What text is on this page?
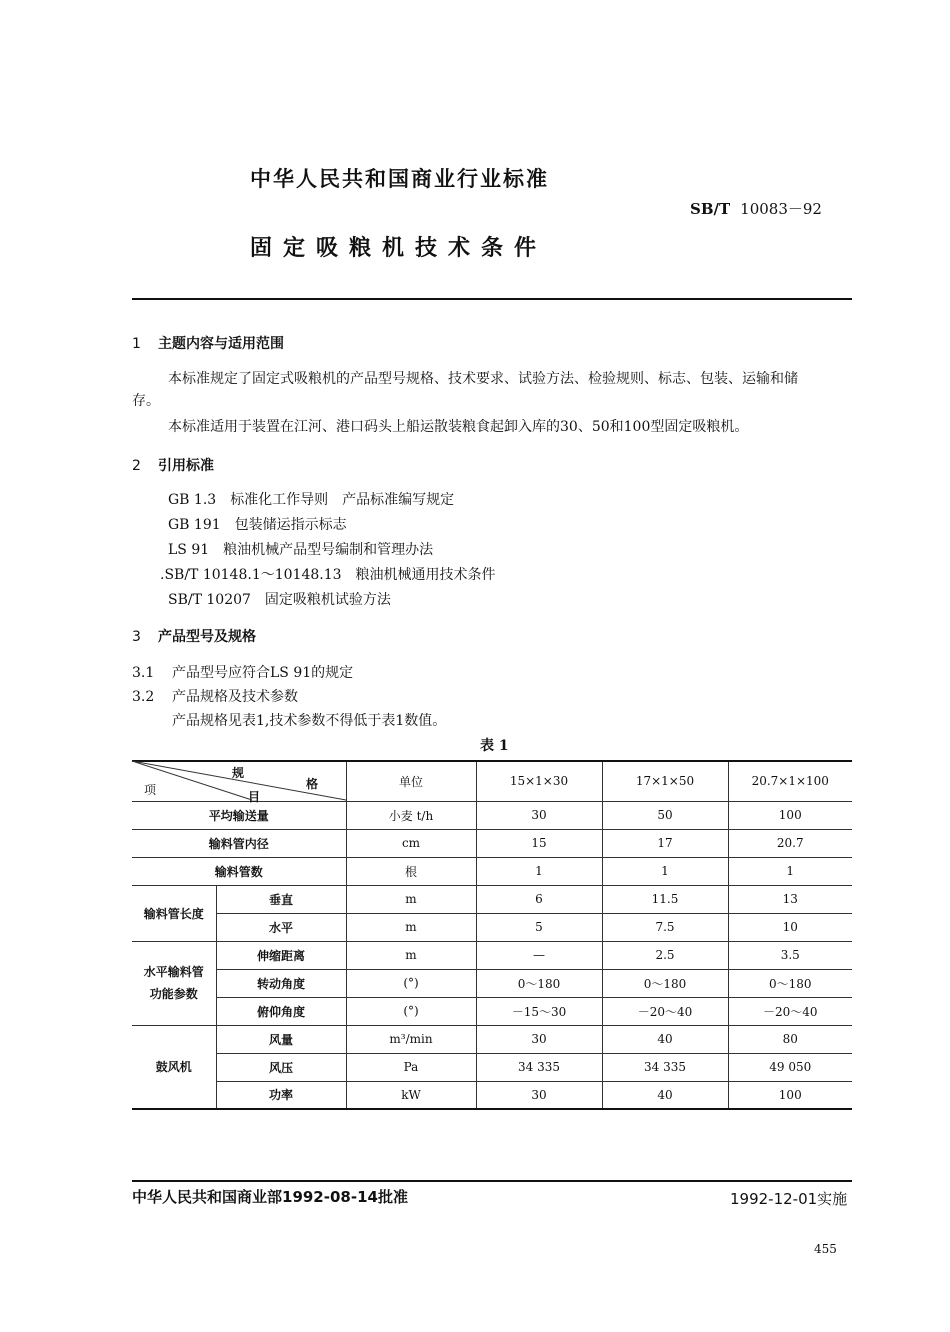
中华人民共和国商业行业标准
SB/T 10083－92
固定吸粮机技术条件
1 主题内容与适用范围
本标准规定了固定式吸粮机的产品型号规格、技术要求、试验方法、检验规则、标志、包装、运输和储
存。
本标准适用于装置在江河、港口码头上船运散装粮食起卸入库的30、50和100型固定吸粮机。
2 引用标准
GB 1.3 标准化工作导则　产品标准编写规定
GB 191 包装储运指示标志
LS 91 粮油机械产品型号编制和管理办法
.SB/T 10148.1～10148.13 粮油机械通用技术条件
SB/T 10207 固定吸粮机试验方法
3 产品型号及规格
3.1 产品型号应符合LS 91的规定
3.2 产品规格及技术参数
产品规格见表1,技术参数不得低于表1数值。
表 1
规
格
项 目		单位	15×1×30	17×1×50	20.7×1×100
平均输送量		小麦 t/h	30	50	100
输料管内径		cm	15	17	20.7
输料管数		根	1	1	1
输料管长度	垂直	m	6	11.5	13
	水平	m	5	7.5	10

水平输料管
功能参数	伸缩距离	m	—	2.5	3.5
	转动角度	(°)	0～180	0～180	0～180
	俯仰角度	(°)	－15～30	－20～40	－20～40
鼓风机	风量	m³/min	30	40	80
	风压	Pa	34 335	34 335	49 050
	功率	kW	30	40	100
中华人民共和国商业部1992-08-14批准	1992-12-01实施
455
